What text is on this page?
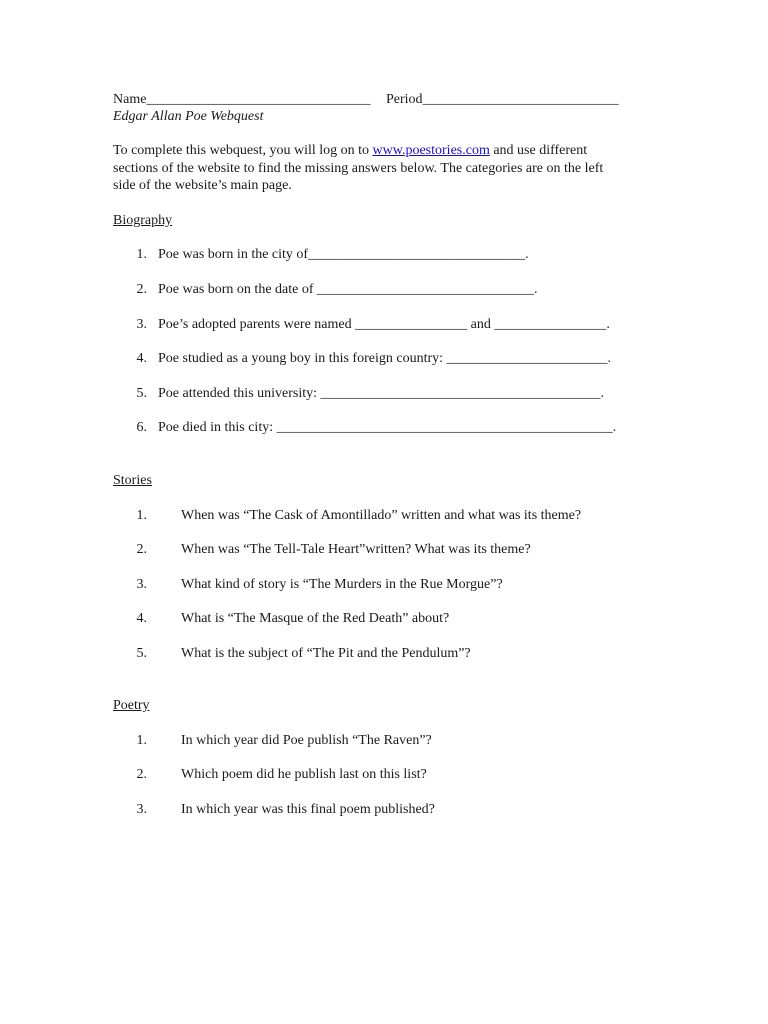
Name________________________________ Period____________________________
Edgar Allan Poe Webquest
To complete this webquest, you will log on to www.poestories.com and use different
sections of the website to find the missing answers below. The categories are on the left
side of the website’s main page.
Biography
1. Poe was born in the city of_______________________________.
2. Poe was born on the date of _______________________________.
3. Poe’s adopted parents were named ________________ and ________________.
4. Poe studied as a young boy in this foreign country: _______________________.
5. Poe attended this university: ________________________________________.
6. Poe died in this city: ________________________________________________.
Stories
1. When was “The Cask of Amontillado” written and what was its theme?
2. When was “The Tell-Tale Heart”written? What was its theme?
3. What kind of story is “The Murders in the Rue Morgue”?
4. What is “The Masque of the Red Death” about?
5. What is the subject of “The Pit and the Pendulum”?
Poetry
1. In which year did Poe publish “The Raven”?
2. Which poem did he publish last on this list?
3. In which year was this final poem published?
